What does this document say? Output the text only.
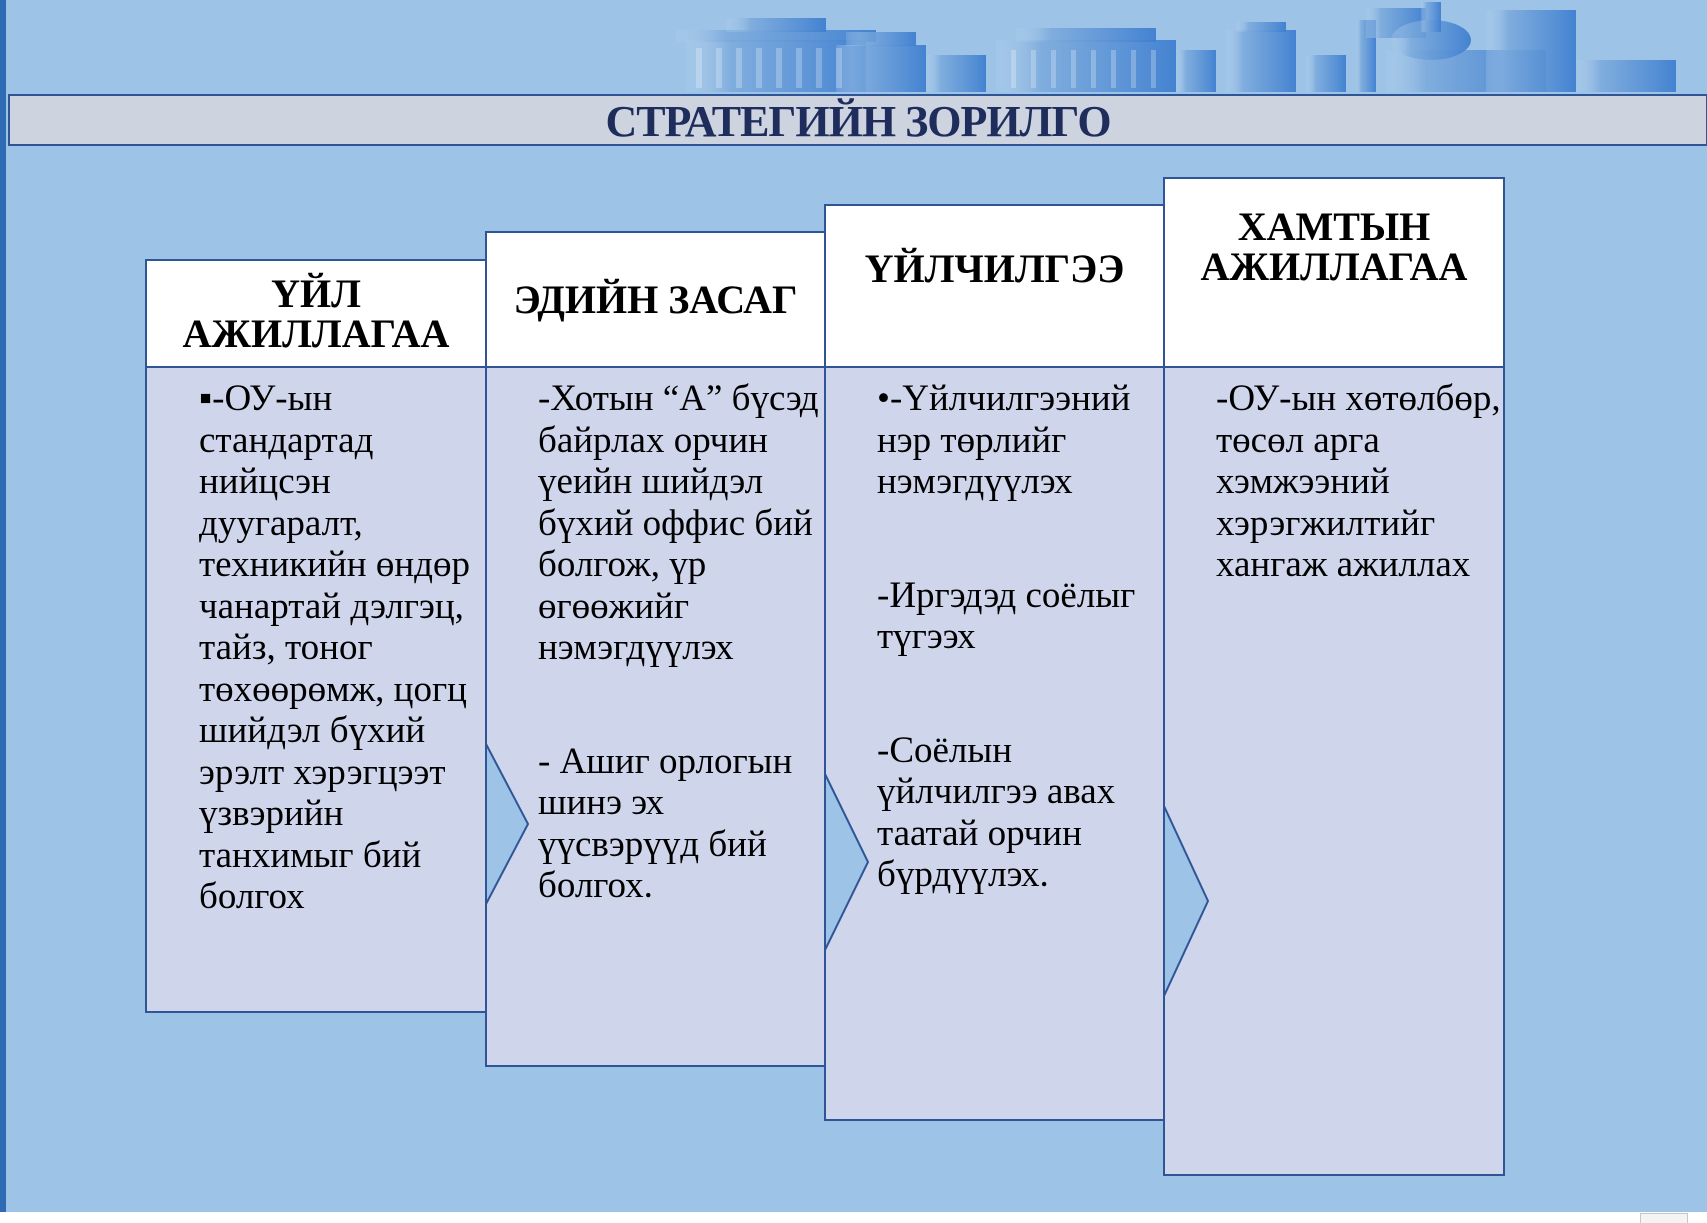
СТРАТЕГИЙН ЗОРИЛГО
ҮЙЛ АЖИЛЛАГАА
ЭДИЙН ЗАСАГ
ҮЙЛЧИЛГЭЭ
ХАМТЫН АЖИЛЛАГАА

▪-ОУ-ын стандартад нийцсэн дуугаралт, техникийн өндөр чанартай дэлгэц, тайз, тоног төхөөрөмж, цогц шийдэл бүхий эрэлт хэрэгцээт үзвэрийн танхимыг бий болгох

-Хотын “А” бүсэд байрлах орчин үеийн шийдэл бүхий оффис бий болгож, үр өгөөжийг нэмэгдүүлэх

- Ашиг орлогын шинэ эх үүсвэрүүд бий болгох.

•-Үйлчилгээний нэр төрлийг нэмэгдүүлэх

-Иргэдэд соёлыг түгээх

-Соёлын үйлчилгээ авах таатай орчин бүрдүүлэх.

-ОУ-ын хөтөлбөр, төсөл арга хэмжээний хэрэгжилтийг хангаж ажиллах
